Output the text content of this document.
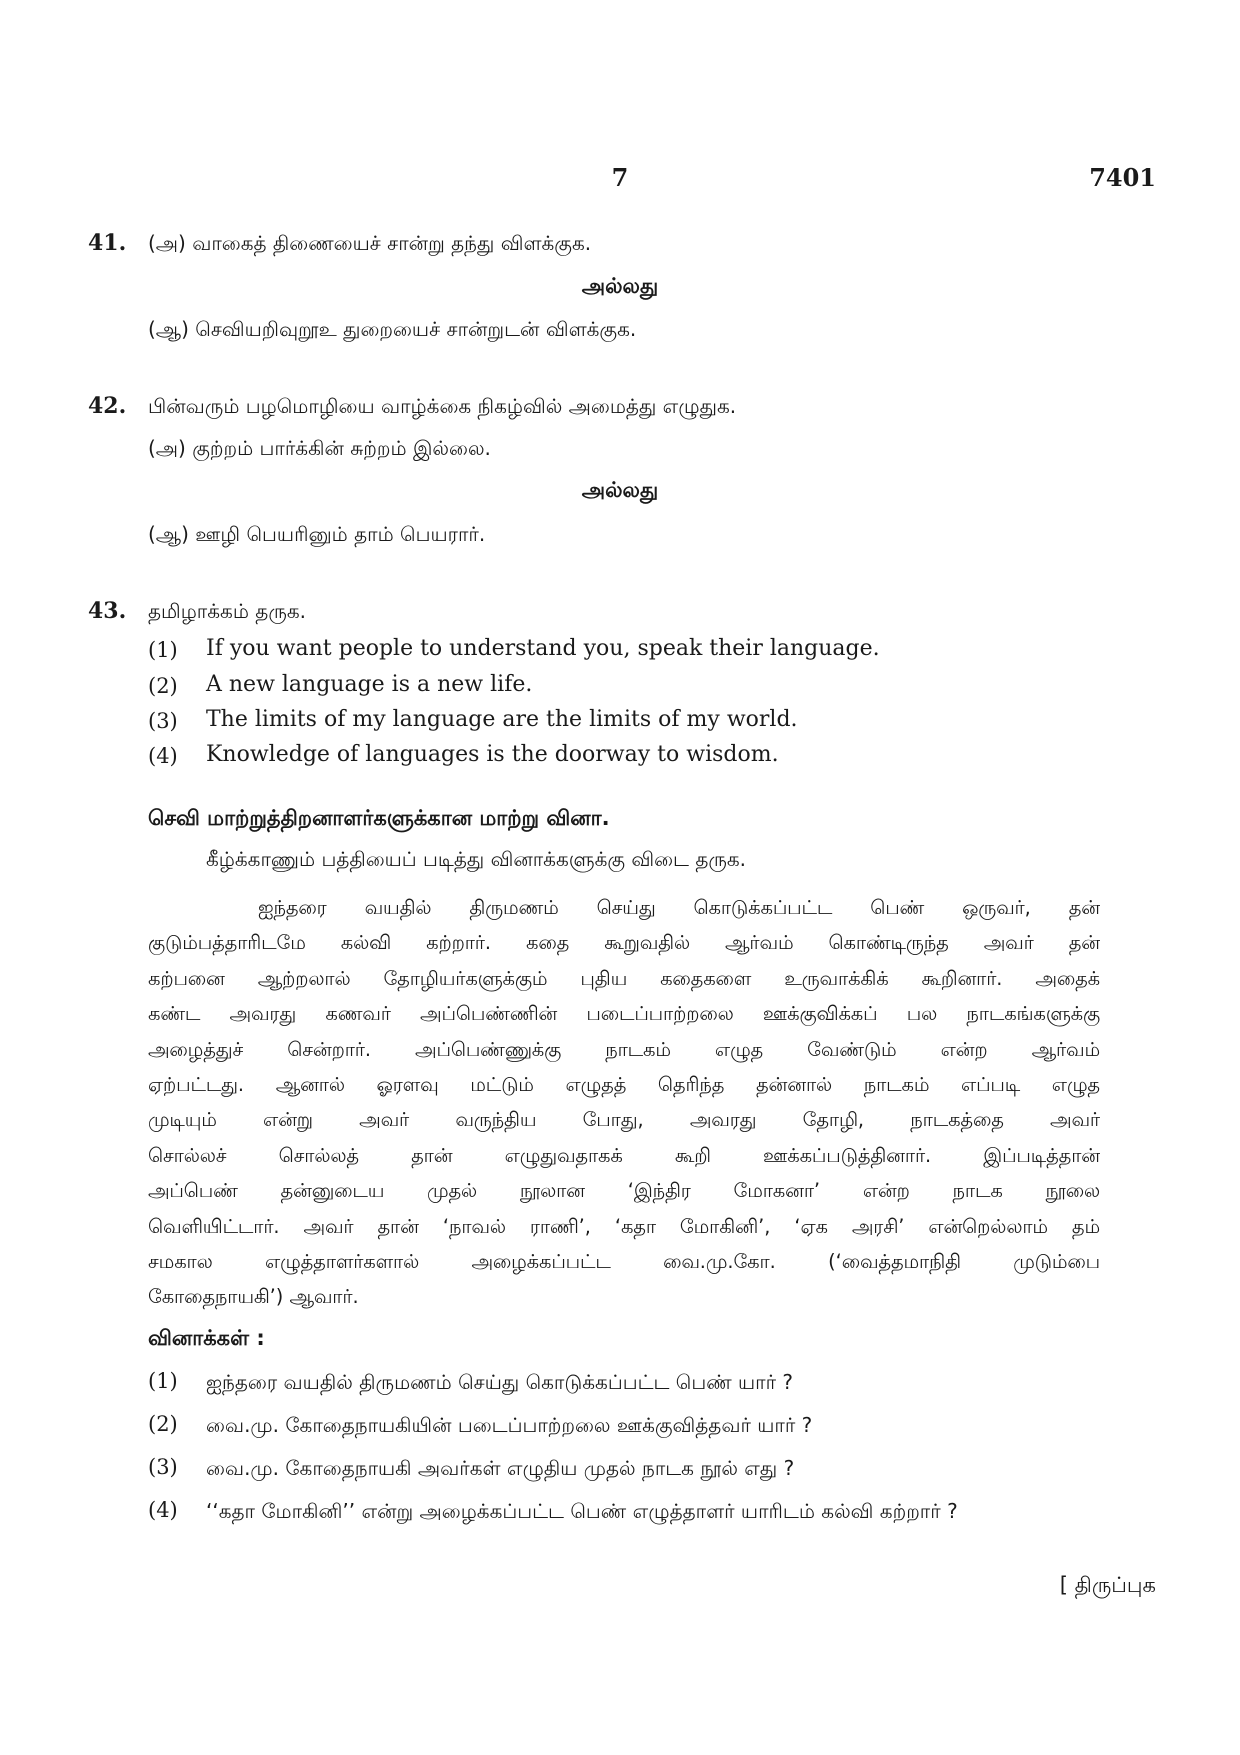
7	7401
41. (அ) வாகைத் திணையைச் சான்று தந்து விளக்குக.
அல்லது
(ஆ) செவியறிவுறூஉ துறையைச் சான்றுடன் விளக்குக.
42. பின்வரும் பழமொழியை வாழ்க்கை நிகழ்வில் அமைத்து எழுதுக.
(அ) குற்றம் பார்க்கின் சுற்றம் இல்லை.
அல்லது
(ஆ) ஊழி பெயரினும் தாம் பெயரார்.
43. தமிழாக்கம் தருக.
(1) If you want people to understand you, speak their language.
(2) A new language is a new life.
(3) The limits of my language are the limits of my world.
(4) Knowledge of languages is the doorway to wisdom.
செவி மாற்றுத்திறனாளர்களுக்கான மாற்று வினா.
கீழ்க்காணும் பத்தியைப் படித்து வினாக்களுக்கு விடை தருக.
ஐந்தரை வயதில் திருமணம் செய்து கொடுக்கப்பட்ட பெண் ஒருவர், தன்
குடும்பத்தாரிடமே கல்வி கற்றார். கதை கூறுவதில் ஆர்வம் கொண்டிருந்த அவர் தன்
கற்பனை ஆற்றலால் தோழியர்களுக்கும் புதிய கதைகளை உருவாக்கிக் கூறினார். அதைக்
கண்ட அவரது கணவர் அப்பெண்ணின் படைப்பாற்றலை ஊக்குவிக்கப் பல நாடகங்களுக்கு
அழைத்துச் சென்றார். அப்பெண்ணுக்கு நாடகம் எழுத வேண்டும் என்ற ஆர்வம்
ஏற்பட்டது. ஆனால் ஓரளவு மட்டும் எழுதத் தெரிந்த தன்னால் நாடகம் எப்படி எழுத
முடியும் என்று அவர் வருந்திய போது, அவரது தோழி, நாடகத்தை அவர்
சொல்லச் சொல்லத் தான் எழுதுவதாகக் கூறி ஊக்கப்படுத்தினார். இப்படித்தான்
அப்பெண் தன்னுடைய முதல் நூலான ‘இந்திர மோகனா’ என்ற நாடக நூலை
வெளியிட்டார். அவர் தான் ‘நாவல் ராணி’, ‘கதா மோகினி’, ‘ஏக அரசி’ என்றெல்லாம் தம்
சமகால எழுத்தாளர்களால் அழைக்கப்பட்ட வை.மு.கோ. (‘வைத்தமாநிதி முடும்பை
கோதைநாயகி’) ஆவார்.
வினாக்கள் :
(1) ஐந்தரை வயதில் திருமணம் செய்து கொடுக்கப்பட்ட பெண் யார் ?
(2) வை.மு. கோதைநாயகியின் படைப்பாற்றலை ஊக்குவித்தவர் யார் ?
(3) வை.மு. கோதைநாயகி அவர்கள் எழுதிய முதல் நாடக நூல் எது ?
(4) ‘‘கதா மோகினி’’ என்று அழைக்கப்பட்ட பெண் எழுத்தாளர் யாரிடம் கல்வி கற்றார் ?
[ திருப்புக
